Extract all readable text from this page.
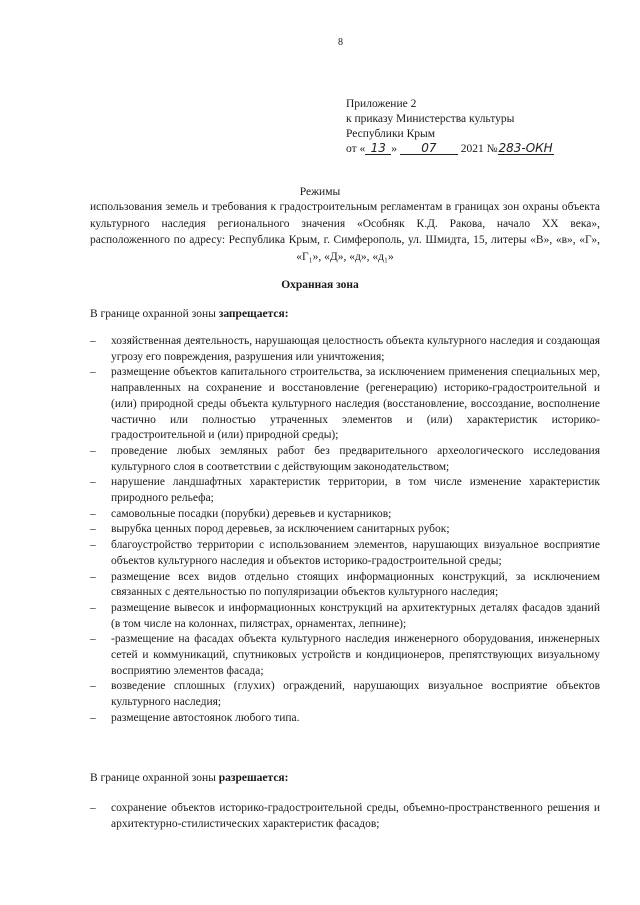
8
Приложение 2
к приказу Министерства культуры
Республики Крым
от « 13 » 07 2021 №283-ОКН
Режимы
использования земель и требования к градостроительным регламентам в границах зон охраны объекта культурного наследия регионального значения «Особняк К.Д. Ракова, начало XX века», расположенного по адресу: Республика Крым, г. Симферополь, ул. Шмидта, 15, литеры «В», «в», «Г», «Г₁», «Д», «д», «д₁»
Охранная зона
В границе охранной зоны запрещается:
– хозяйственная деятельность, нарушающая целостность объекта культурного наследия и создающая угрозу его повреждения, разрушения или уничтожения;
– размещение объектов капитального строительства, за исключением применения специальных мер, направленных на сохранение и восстановление (регенерацию) историко-градостроительной и (или) природной среды объекта культурного наследия (восстановление, воссоздание, восполнение частично или полностью утраченных элементов и (или) характеристик историко-градостроительной и (или) природной среды);
– проведение любых земляных работ без предварительного археологического исследования культурного слоя в соответствии с действующим законодательством;
– нарушение ландшафтных характеристик территории, в том числе изменение характеристик природного рельефа;
– самовольные посадки (порубки) деревьев и кустарников;
– вырубка ценных пород деревьев, за исключением санитарных рубок;
– благоустройство территории с использованием элементов, нарушающих визуальное восприятие объектов культурного наследия и объектов историко-градостроительной среды;
– размещение всех видов отдельно стоящих информационных конструкций, за исключением связанных с деятельностью по популяризации объектов культурного наследия;
– размещение вывесок и информационных конструкций на архитектурных деталях фасадов зданий (в том числе на колоннах, пилястрах, орнаментах, лепнине);
– -размещение на фасадах объекта культурного наследия инженерного оборудования, инженерных сетей и коммуникаций, спутниковых устройств и кондиционеров, препятствующих визуальному восприятию элементов фасада;
– возведение сплошных (глухих) ограждений, нарушающих визуальное восприятие объектов культурного наследия;
– размещение автостоянок любого типа.
В границе охранной зоны разрешается:
– сохранение объектов историко-градостроительной среды, объемно-пространственного решения и архитектурно-стилистических характеристик фасадов;
